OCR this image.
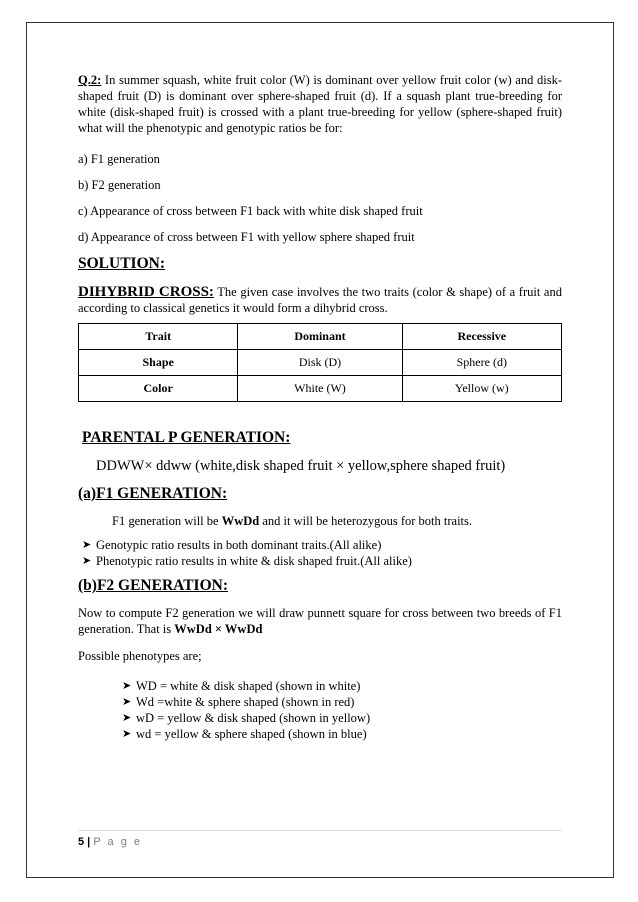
Q.2: In summer squash, white fruit color (W) is dominant over yellow fruit color (w) and disk-shaped fruit (D) is dominant over sphere-shaped fruit (d). If a squash plant true-breeding for white (disk-shaped fruit) is crossed with a plant true-breeding for yellow (sphere-shaped fruit) what will the phenotypic and genotypic ratios be for:

a) F1 generation

b) F2 generation

c) Appearance of cross between F1 back with white disk shaped fruit

d) Appearance of cross between F1 with yellow sphere shaped fruit

SOLUTION:

DIHYBRID CROSS: The given case involves the two traits (color & shape) of a fruit and according to classical genetics it would form a dihybrid cross.

Trait	Dominant	Recessive
Shape	Disk (D)	Sphere (d)
Color	White (W)	Yellow (w)

PARENTAL P GENERATION:

DDWW× ddww (white,disk shaped fruit × yellow,sphere shaped fruit)

(a)F1 GENERATION:

F1 generation will be WwDd and it will be heterozygous for both traits.

➤ Genotypic ratio results in both dominant traits.(All alike)
➤ Phenotypic ratio results in white & disk shaped fruit.(All alike)

(b)F2 GENERATION:

Now to compute F2 generation we will draw punnett square for cross between two breeds of F1 generation. That is WwDd × WwDd

Possible phenotypes are;

➤ WD = white & disk shaped (shown in white)
➤ Wd =white & sphere shaped (shown in red)
➤ wD = yellow & disk shaped (shown in yellow)
➤ wd = yellow & sphere shaped (shown in blue)
5 | P a g e
